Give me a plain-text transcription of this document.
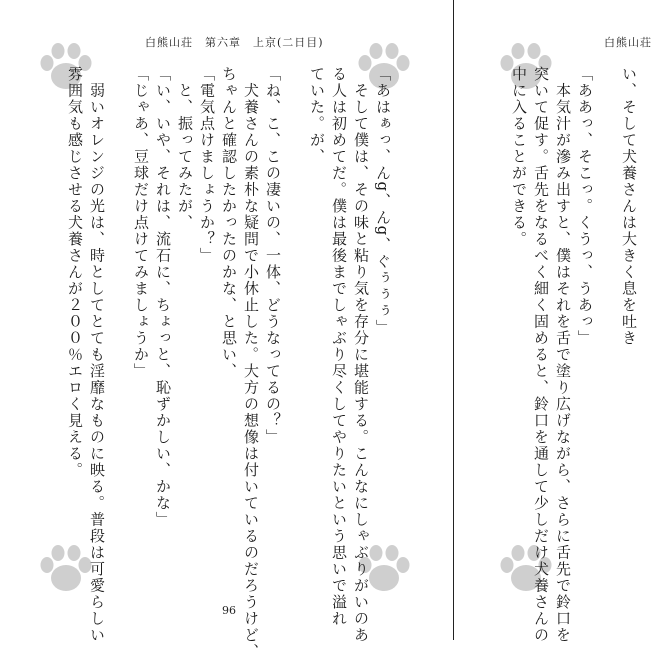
白熊山荘　第六章　上京(二日目)
「あはぁっ、んg、んg、ぐぅぅぅ」
　そして僕は、その味と粘り気を存分に堪能する。こんなにしゃぶりがいのあ
る人は初めてだ。僕は最後までしゃぶり尽くしてやりたいという思いで溢れ
ていた。が、
「ね、こ、この凄いの、一体、どうなってるの？」
　犬養さんの素朴な疑問で小休止した。大方の想像は付いているのだろうけど、
ちゃんと確認したかったのかな、と思い、
「電気点けましょうか？」
　と、振ってみたが、
「い、いや、それは、流石に、ちょっと、恥ずかしい、かな」
「じゃあ、豆球だけ点けてみましょうか」
　弱いオレンジの光は、時としてとても淫靡なものに映る。普段は可愛らしい
雰囲気も感じさせる犬養さんが２００％エロく見える。
96
白熊山荘
い、そして犬養さんは大きく息を吐き
「ああっ、そこっ。くうっ、うあっ」
　本気汁が滲み出すと、僕はそれを舌で塗り広げながら、さらに舌先で鈴口を
突いて促す。舌先をなるべく細く固めると、鈴口を通して少しだけ犬養さんの
中に入ることができる。
